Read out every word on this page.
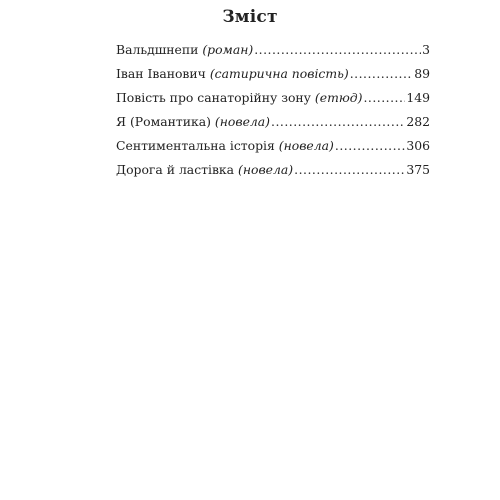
Зміст
Вальдшнепи (роман) .....	3
Іван Іванович (сатирична повість) .....	89
Повість про санаторійну зону (етюд) .....	149
Я (Романтика) (новела) .....	282
Сентиментальна історія (новела) .....	306
Дорога й ластівка (новела) .....	375
